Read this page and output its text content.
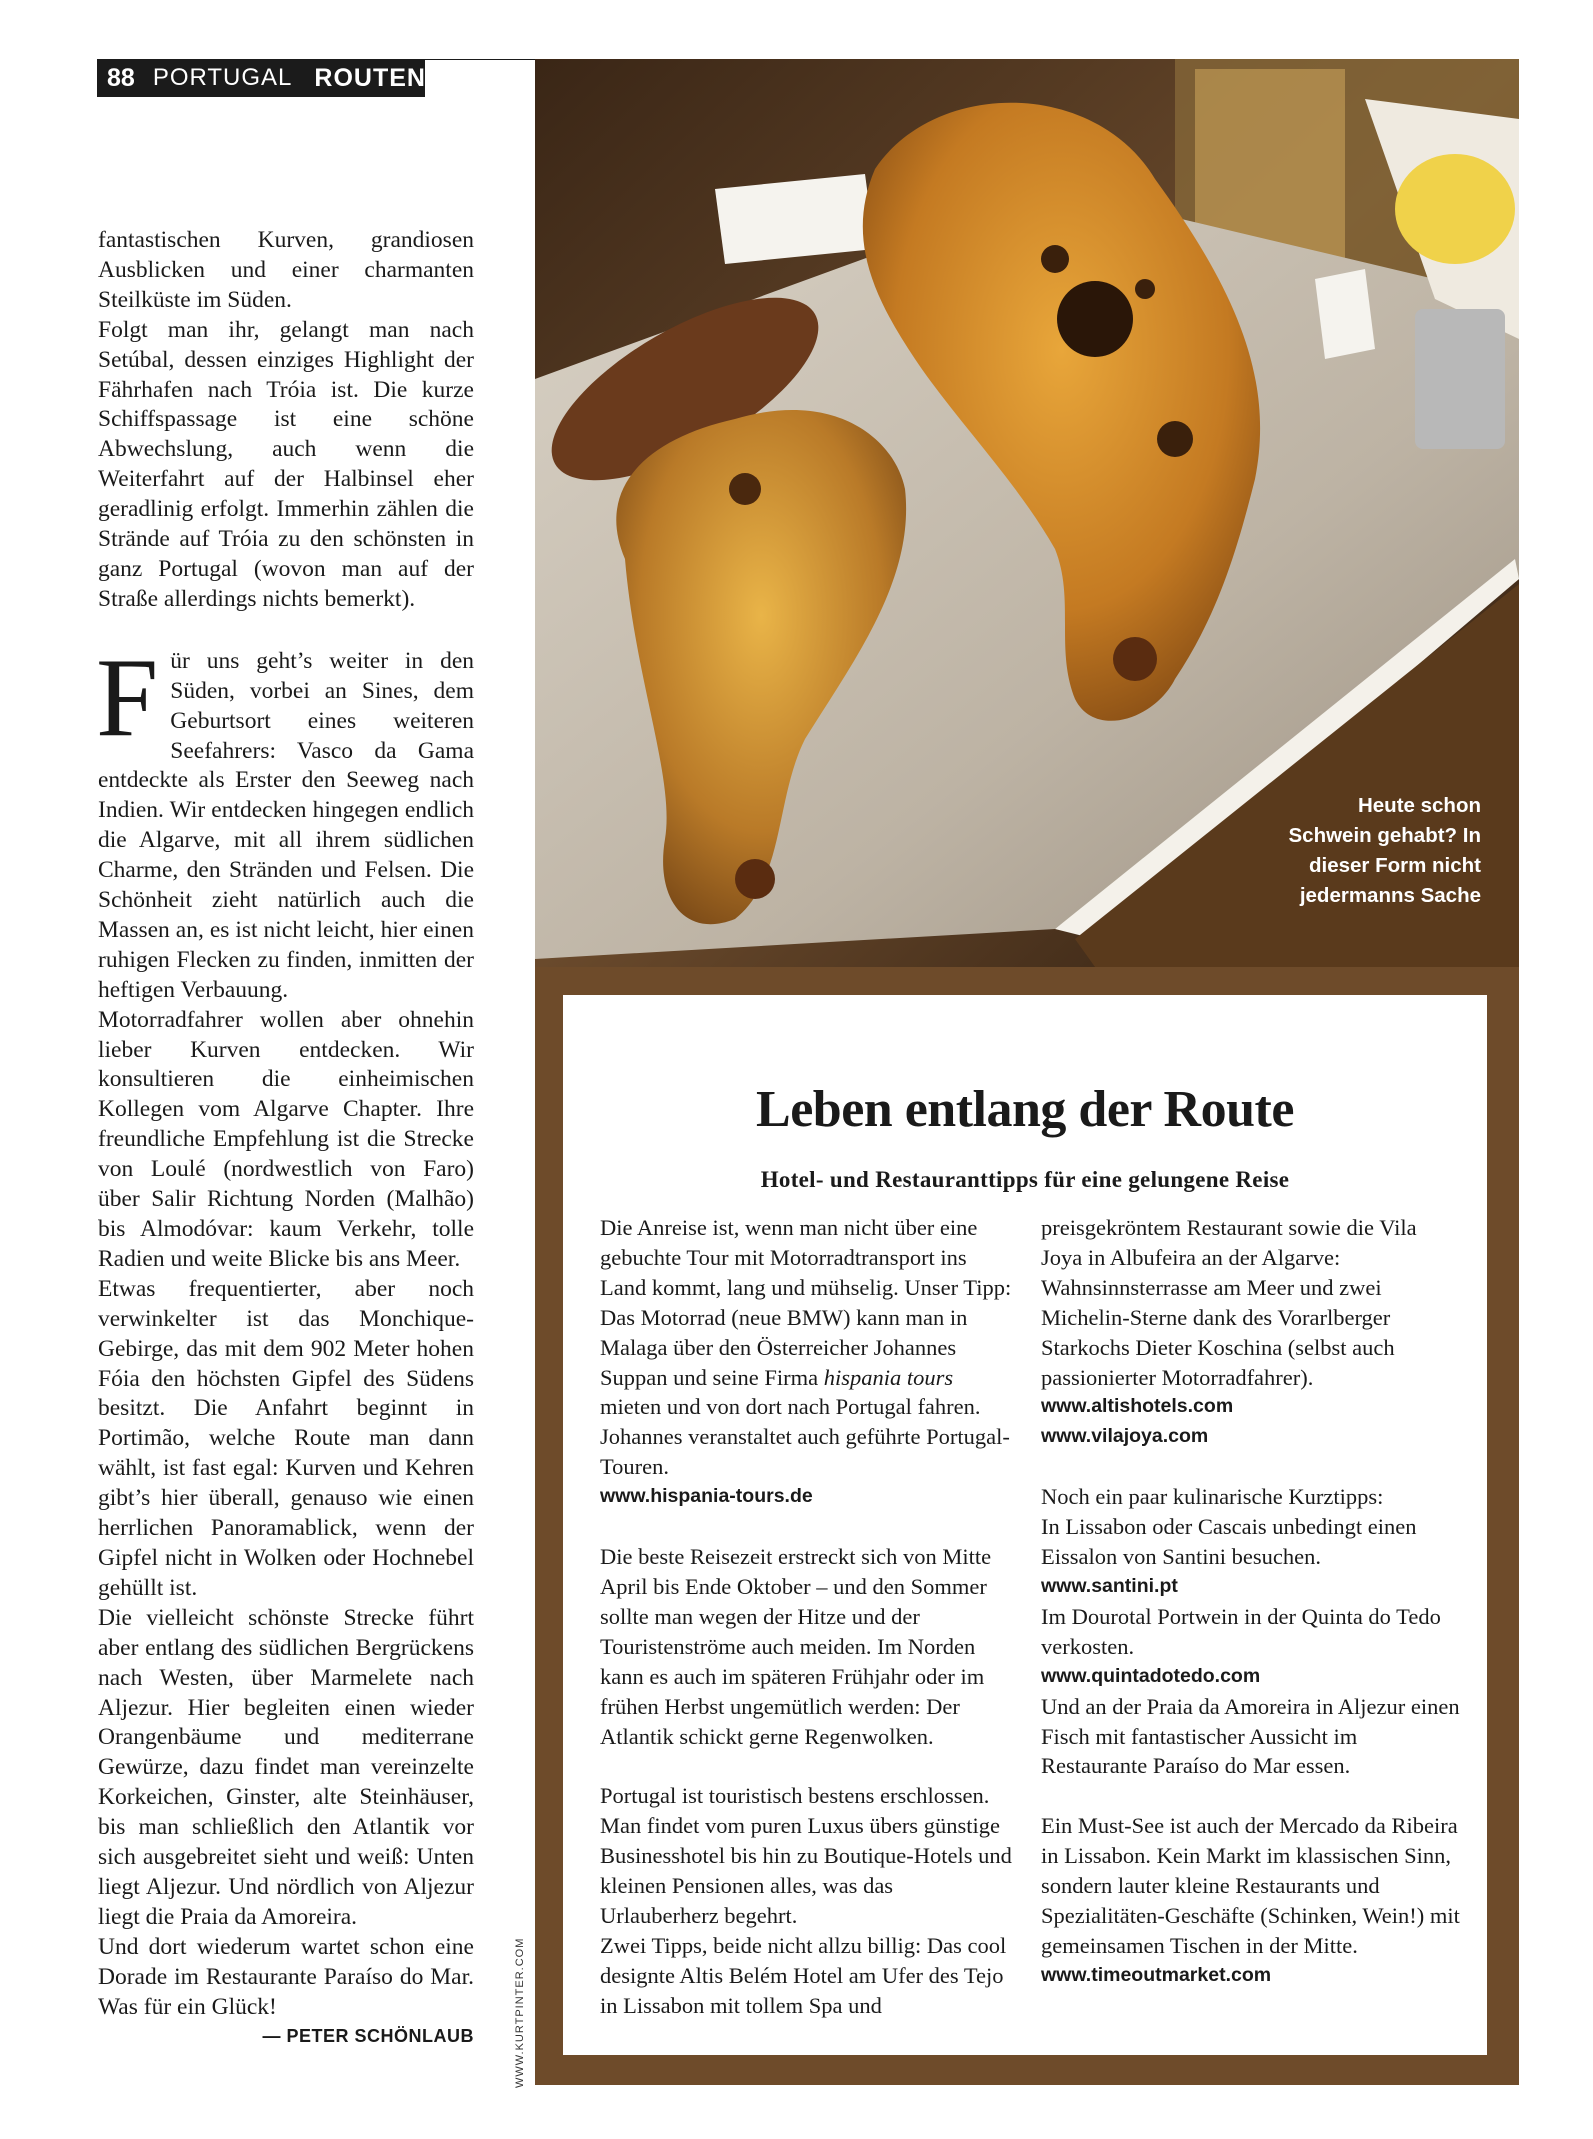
88 PORTUGAL ROUTEN

fantastischen Kurven, grandiosen Ausblicken und einer charmanten Steilküste im Süden.

Folgt man ihr, gelangt man nach Setúbal, dessen einziges Highlight der Fährhafen nach Tróia ist. Die kurze Schiffspassage ist eine schöne Abwechslung, auch wenn die Weiterfahrt auf der Halbinsel eher geradlinig erfolgt. Immerhin zählen die Strände auf Tróia zu den schönsten in ganz Portugal (wovon man auf der Straße allerdings nichts bemerkt).

Für uns geht’s weiter in den Süden, vorbei an Sines, dem Geburtsort eines weiteren Seefahrers: Vasco da Gama entdeckte als Erster den Seeweg nach Indien. Wir entdecken hingegen endlich die Algarve, mit all ihrem südlichen Charme, den Stränden und Felsen. Die Schönheit zieht natürlich auch die Massen an, es ist nicht leicht, hier einen ruhigen Flecken zu finden, inmitten der heftigen Verbauung.

Motorradfahrer wollen aber ohnehin lieber Kurven entdecken. Wir konsultieren die einheimischen Kollegen vom Algarve Chapter. Ihre freundliche Empfehlung ist die Strecke von Loulé (nordwestlich von Faro) über Salir Richtung Norden (Malhão) bis Almodóvar: kaum Verkehr, tolle Radien und weite Blicke bis ans Meer.

Etwas frequentierter, aber noch verwinkelter ist das Monchique-Gebirge, das mit dem 902 Meter hohen Fóia den höchsten Gipfel des Südens besitzt. Die Anfahrt beginnt in Portimão, welche Route man dann wählt, ist fast egal: Kurven und Kehren gibt’s hier überall, genauso wie einen herrlichen Panoramablick, wenn der Gipfel nicht in Wolken oder Hochnebel gehüllt ist.

Die vielleicht schönste Strecke führt aber entlang des südlichen Bergrückens nach Westen, über Marmelete nach Aljezur. Hier begleiten einen wieder Orangenbäume und mediterrane Gewürze, dazu findet man vereinzelte Korkeichen, Ginster, alte Steinhäuser, bis man schließlich den Atlantik vor sich ausgebreitet sieht und weiß: Unten liegt Aljezur. Und nördlich von Aljezur liegt die Praia da Amoreira.

Und dort wiederum wartet schon eine Dorade im Restaurante Paraíso do Mar. Was für ein Glück!

— PETER SCHÖNLAUB	WWW.KURTPINTER.COM
Heute schon
Schwein gehabt? In
dieser Form nicht
jedermanns Sache
Leben entlang der Route
Hotel- und Restauranttipps für eine gelungene Reise

Die Anreise ist, wenn man nicht über eine gebuchte Tour mit Motorradtransport ins Land kommt, lang und mühselig. Unser Tipp: Das Motorrad (neue BMW) kann man in Malaga über den Österreicher Johannes Suppan und seine Firma hispania tours mieten und von dort nach Portugal fahren. Johannes veranstaltet auch geführte Portugal-Touren.

www.hispania-tours.de

Die beste Reisezeit erstreckt sich von Mitte April bis Ende Oktober – und den Sommer sollte man wegen der Hitze und der Touristenströme auch meiden. Im Norden kann es auch im späteren Frühjahr oder im frühen Herbst ungemütlich werden: Der Atlantik schickt gerne Regenwolken.

Portugal ist touristisch bestens erschlossen. Man findet vom puren Luxus übers günstige Businesshotel bis hin zu Boutique-Hotels und kleinen Pensionen alles, was das Urlauberherz begehrt.

Zwei Tipps, beide nicht allzu billig: Das cool designte Altis Belém Hotel am Ufer des Tejo in Lissabon mit tollem Spa und

preisgekröntem Restaurant sowie die Vila Joya in Albufeira an der Algarve: Wahnsinnsterrasse am Meer und zwei Michelin-Sterne dank des Vorarlberger Starkochs Dieter Koschina (selbst auch passionierter Motorradfahrer).

www.altishotels.com

www.vilajoya.com

Noch ein paar kulinarische Kurztipps:

In Lissabon oder Cascais unbedingt einen Eissalon von Santini besuchen.

www.santini.pt

Im Dourotal Portwein in der Quinta do Tedo verkosten.

www.quintadotedo.com

Und an der Praia da Amoreira in Aljezur einen Fisch mit fantastischer Aussicht im Restaurante Paraíso do Mar essen.

Ein Must-See ist auch der Mercado da Ribeira in Lissabon. Kein Markt im klassischen Sinn, sondern lauter kleine Restaurants und Spezialitäten-Geschäfte (Schinken, Wein!) mit gemeinsamen Tischen in der Mitte.

www.timeoutmarket.com
